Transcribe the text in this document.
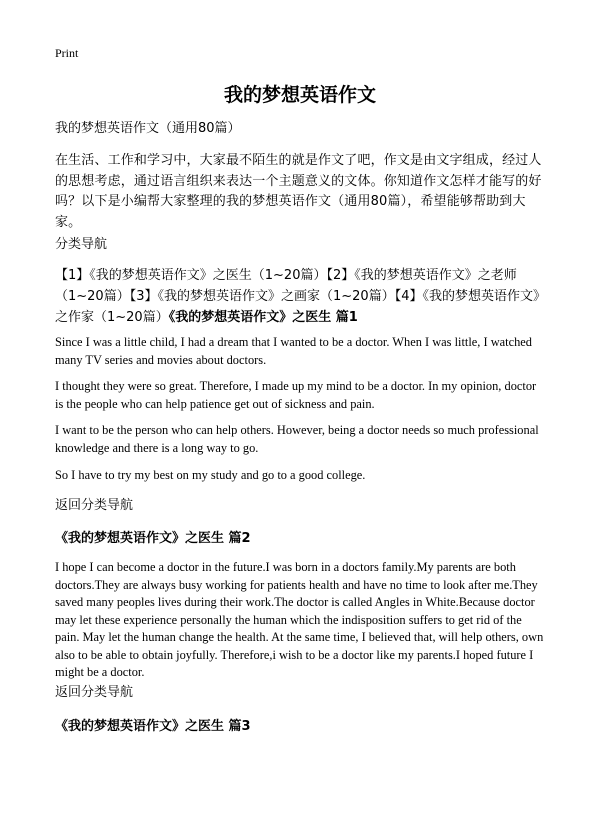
Print
我的梦想英语作文

我的梦想英语作文（通用80篇）

在生活、工作和学习中，大家最不陌生的就是作文了吧，作文是由文字组成，经过人的思想考虑，通过语言组织来表达一个主题意义的文体。你知道作文怎样才能写的好吗？以下是小编帮大家整理的我的梦想英语作文（通用80篇），希望能够帮助到大家。

分类导航

【1】《我的梦想英语作文》之医生（1~20篇）【2】《我的梦想英语作文》之老师（1~20篇）【3】《我的梦想英语作文》之画家（1~20篇）【4】《我的梦想英语作文》之作家（1~20篇）《我的梦想英语作文》之医生 篇1

Since I was a little child, I had a dream that I wanted to be a doctor. When I was little, I watched many TV series and movies about doctors.

I thought they were so great. Therefore, I made up my mind to be a doctor. In my opinion, doctor is the people who can help patience get out of sickness and pain.

I want to be the person who can help others. However, being a doctor needs so much professional knowledge and there is a long way to go.

So I have to try my best on my study and go to a good college.

返回分类导航

《我的梦想英语作文》之医生 篇2

I hope I can become a doctor in the future.I was born in a doctors family.My parents are both doctors.They are always busy working for patients health and have no time to look after me.They saved many peoples lives during their work.The doctor is called Angles in White.Because doctor may let these experience personally the human which the indisposition suffers to get rid of the pain. May let the human change the health. At the same time, I believed that, will help others, own also to be able to obtain joyfully. Therefore,i wish to be a doctor like my parents.I hoped future I might be a doctor.

返回分类导航

《我的梦想英语作文》之医生 篇3
